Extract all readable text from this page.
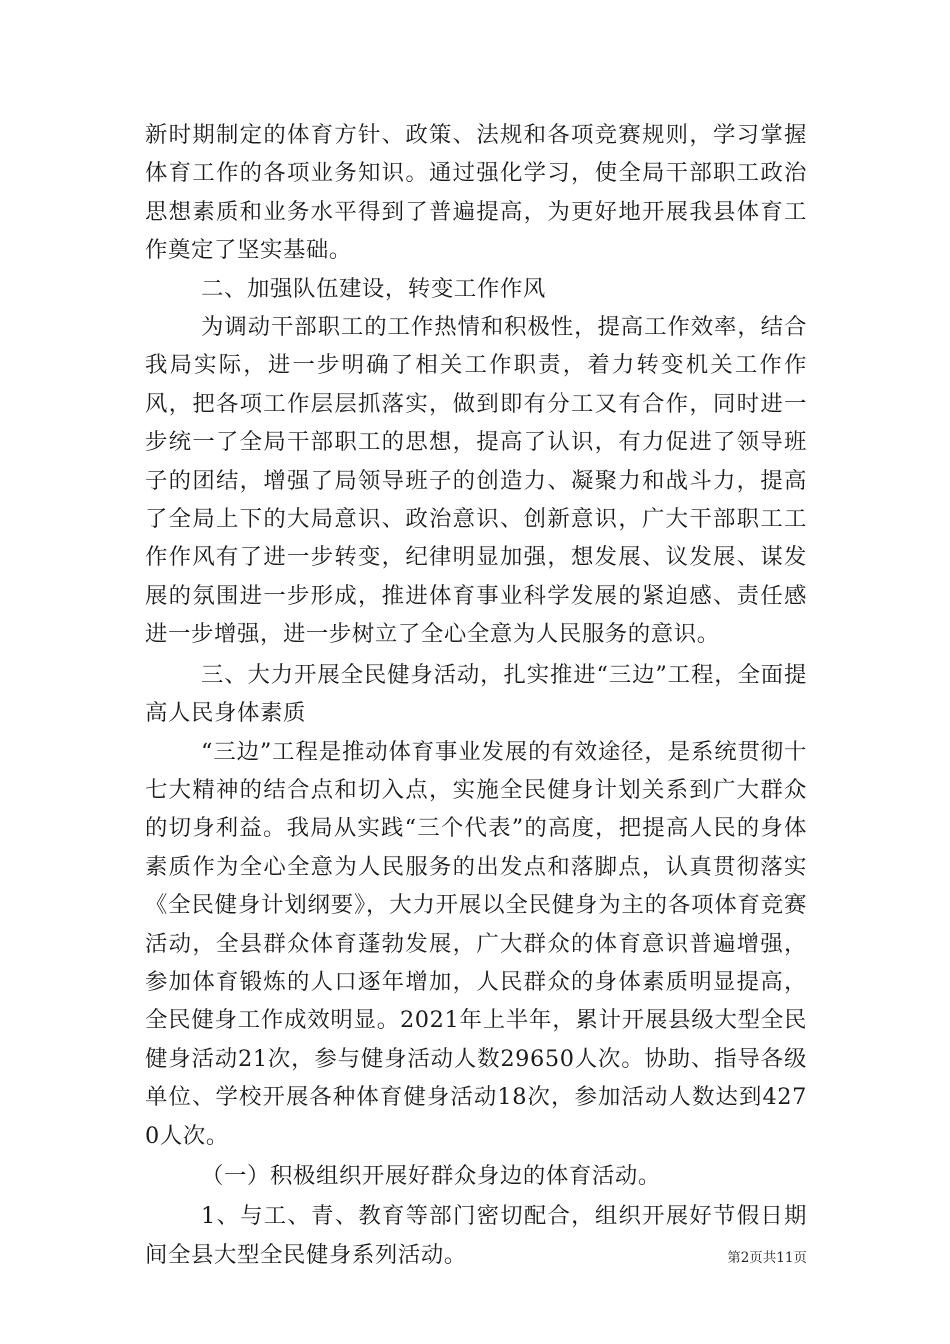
新时期制定的体育方针、政策、法规和各项竞赛规则，学习掌握体育工作的各项业务知识。通过强化学习，使全局干部职工政治思想素质和业务水平得到了普遍提高，为更好地开展我县体育工作奠定了坚实基础。

二、加强队伍建设，转变工作作风

为调动干部职工的工作热情和积极性，提高工作效率，结合我局实际，进一步明确了相关工作职责，着力转变机关工作作风，把各项工作层层抓落实，做到即有分工又有合作，同时进一步统一了全局干部职工的思想，提高了认识，有力促进了领导班子的团结，增强了局领导班子的创造力、凝聚力和战斗力，提高了全局上下的大局意识、政治意识、创新意识，广大干部职工工作作风有了进一步转变，纪律明显加强，想发展、议发展、谋发展的氛围进一步形成，推进体育事业科学发展的紧迫感、责任感进一步增强，进一步树立了全心全意为人民服务的意识。

三、大力开展全民健身活动，扎实推进“三边”工程，全面提高人民身体素质

“三边”工程是推动体育事业发展的有效途径，是系统贯彻十七大精神的结合点和切入点，实施全民健身计划关系到广大群众的切身利益。我局从实践“三个代表”的高度，把提高人民的身体素质作为全心全意为人民服务的出发点和落脚点，认真贯彻落实《全民健身计划纲要》，大力开展以全民健身为主的各项体育竞赛活动，全县群众体育蓬勃发展，广大群众的体育意识普遍增强，参加体育锻炼的人口逐年增加，人民群众的身体素质明显提高，全民健身工作成效明显。2021年上半年，累计开展县级大型全民健身活动21次，参与健身活动人数29650人次。协助、指导各级单位、学校开展各种体育健身活动18次，参加活动人数达到4270人次。

（一）积极组织开展好群众身边的体育活动。

1、与工、青、教育等部门密切配合，组织开展好节假日期间全县大型全民健身系列活动。	第2页共11页
